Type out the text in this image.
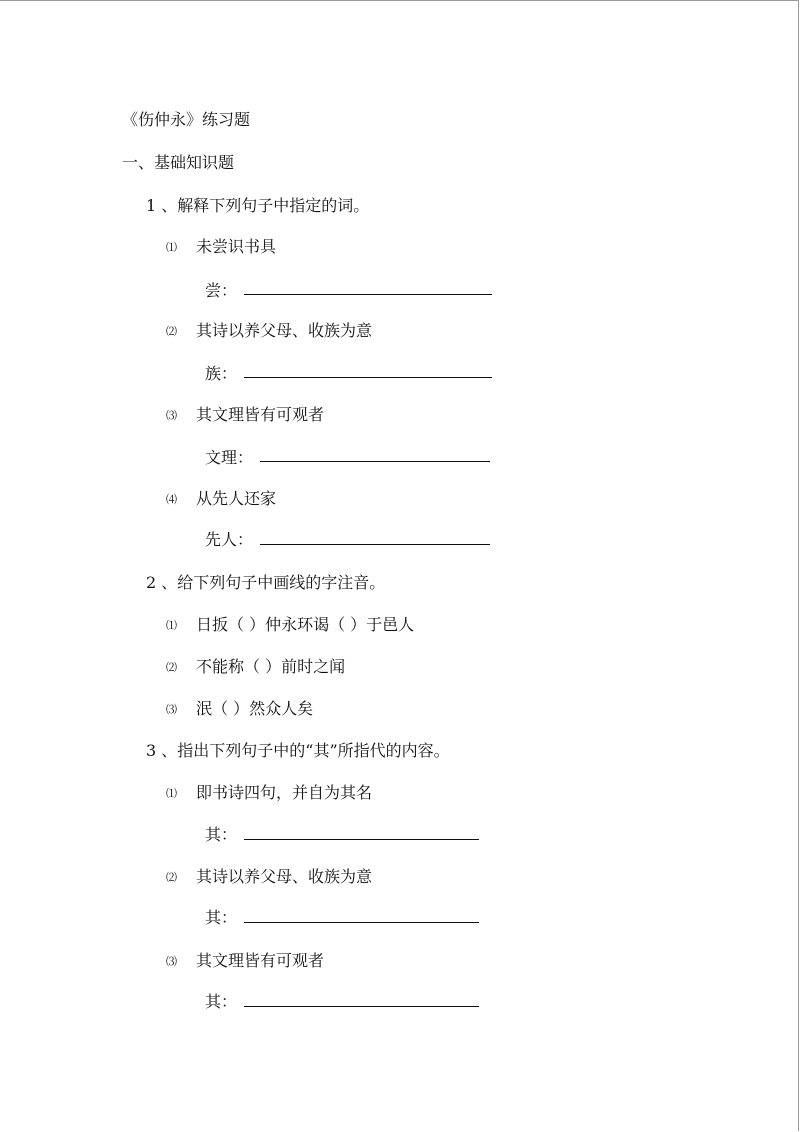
《伤仲永》练习题
一、基础知识题
1 、解释下列句子中指定的词。
⑴ 未尝识书具
尝：
⑵ 其诗以养父母、收族为意
族：
⑶ 其文理皆有可观者
文理：
⑷ 从先人还家
先人：
2 、给下列句子中画线的字注音。
⑴ 日扳（ ）仲永环谒（ ）于邑人
⑵ 不能称（ ）前时之闻
⑶ 泯（ ）然众人矣
3 、指出下列句子中的“其”所指代的内容。
⑴ 即书诗四句，并自为其名
其：
⑵ 其诗以养父母、收族为意
其：
⑶ 其文理皆有可观者
其：
